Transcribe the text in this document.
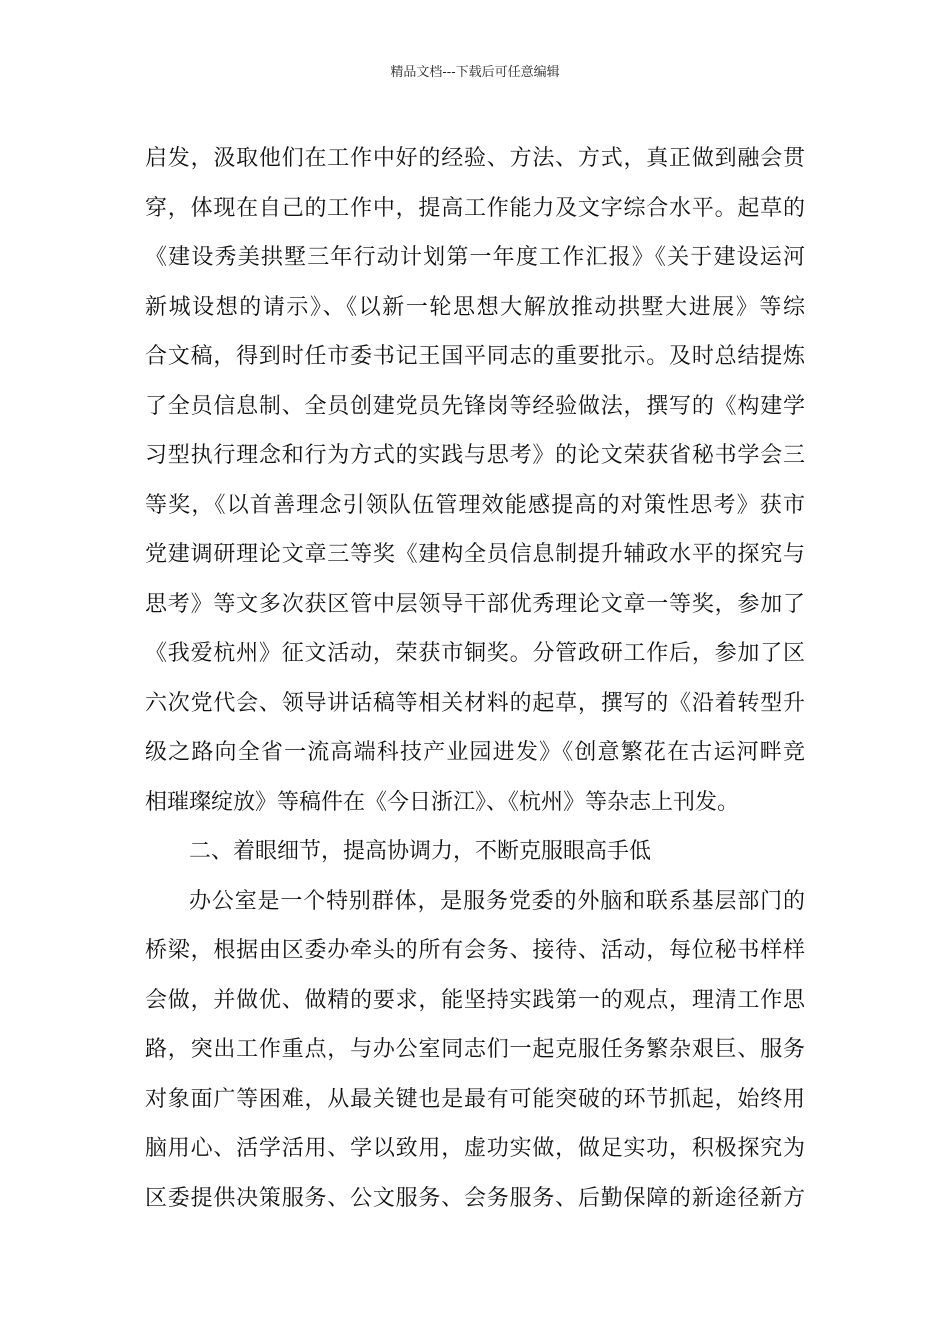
精品文档---下载后可任意编辑
启发，汲取他们在工作中好的经验、方法、方式，真正做到融会贯
穿，体现在自己的工作中，提高工作能力及文字综合水平。起草的
《建设秀美拱墅三年行动计划第一年度工作汇报》《关于建设运河
新城设想的请示》、《以新一轮思想大解放推动拱墅大进展》等综
合文稿，得到时任市委书记王国平同志的重要批示。及时总结提炼
了全员信息制、全员创建党员先锋岗等经验做法，撰写的《构建学
习型执行理念和行为方式的实践与思考》的论文荣获省秘书学会三
等奖，《以首善理念引领队伍管理效能感提高的对策性思考》获市
党建调研理论文章三等奖《建构全员信息制提升辅政水平的探究与
思考》等文多次获区管中层领导干部优秀理论文章一等奖，参加了
《我爱杭州》征文活动，荣获市铜奖。分管政研工作后，参加了区
六次党代会、领导讲话稿等相关材料的起草，撰写的《沿着转型升
级之路向全省一流高端科技产业园进发》《创意繁花在古运河畔竞
相璀璨绽放》等稿件在《今日浙江》、《杭州》等杂志上刊发。
二、着眼细节，提高协调力，不断克服眼高手低
办公室是一个特别群体，是服务党委的外脑和联系基层部门的
桥梁，根据由区委办牵头的所有会务、接待、活动，每位秘书样样
会做，并做优、做精的要求，能坚持实践第一的观点，理清工作思
路，突出工作重点，与办公室同志们一起克服任务繁杂艰巨、服务
对象面广等困难，从最关键也是最有可能突破的环节抓起，始终用
脑用心、活学活用、学以致用，虚功实做，做足实功，积极探究为
区委提供决策服务、公文服务、会务服务、后勤保障的新途径新方
